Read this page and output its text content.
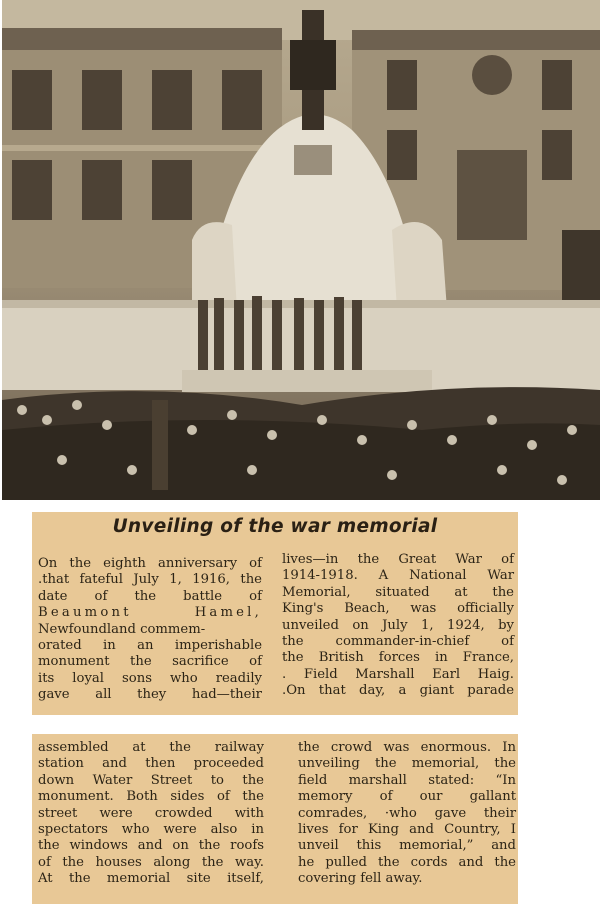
Unveiling of the war memorial
On the eighth anniversary of
.that fateful July 1, 1916, the
date of the battle of
Beaumont Hamel,
Newfoundland commem-
orated in an imperishable
monument the sacrifice of
its loyal sons who readily
gave all they had—their
lives—in the Great War of
1914-1918. A National War
Memorial, situated at the
King's Beach, was officially
unveiled on July 1, 1924, by
the commander-in-chief of
the British forces in France,
. Field Marshall Earl Haig.
.On that day, a giant parade
assembled at the railway
station and then proceeded
down Water Street to the
monument. Both sides of the
street were crowded with
spectators who were also in
the windows and on the roofs
of the houses along the way.
At the memorial site itself,
the crowd was enormous. In
unveiling the memorial, the
field marshall stated: “In
memory of our gallant
comrades, ·who gave their
lives for King and Country, I
unveil this memorial,” and
he pulled the cords and the
covering fell away.
